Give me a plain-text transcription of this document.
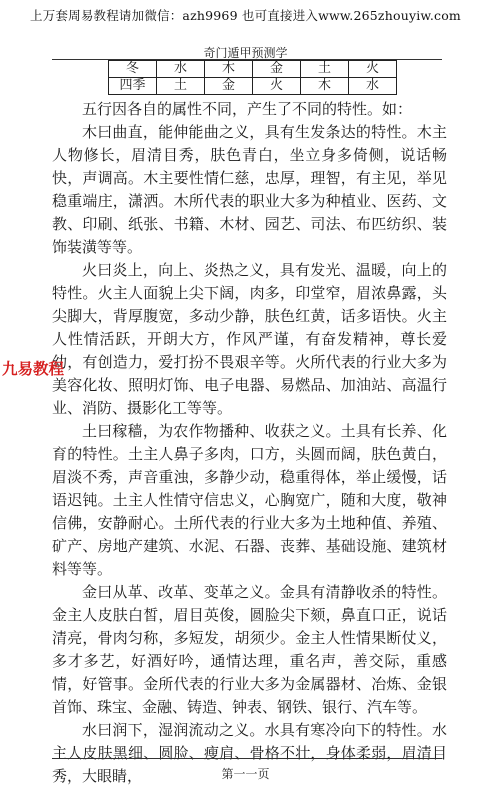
上万套周易教程请加微信：azh9969 也可直接进入www.265zhouyiw.com
奇门遁甲预测学
冬	水	木	金	土	火
四季	土	金	火	木	水

五行因各自的属性不同，产生了不同的特性。如：

木曰曲直，能伸能曲之义，具有生发条达的特性。木主人物修长，眉清目秀，肤色青白，坐立身多倚侧，说话畅快，声调高。木主要性情仁慈，忠厚，理智，有主见，举见稳重端庄，潇洒。木所代表的职业大多为种植业、医药、文教、印刷、纸张、书籍、木材、园艺、司法、布匹纺织、装饰装潢等等。

火曰炎上，向上、炎热之义，具有发光、温暖，向上的特性。火主人面貌上尖下阔，肉多，印堂窄，眉浓鼻露，头尖脚大，背厚腹宽，多动少静，肤色红黄，话多语快。火主人性情活跃，开朗大方，作风严谨，有奋发精神，尊长爱幼，有创造力，爱打扮不畏艰辛等。火所代表的行业大多为美容化妆、照明灯饰、电子电器、易燃品、加油站、高温行业、消防、摄影化工等等。

土曰稼穑，为农作物播种、收获之义。土具有长养、化育的特性。土主人鼻子多肉，口方，头圆而阔，肤色黄白，眉淡不秀，声音重浊，多静少动，稳重得体，举止缓慢，话语迟钝。土主人性情守信忠义，心胸宽广，随和大度，敬神信佛，安静耐心。土所代表的行业大多为土地种值、养殖、矿产、房地产建筑、水泥、石器、丧葬、基础设施、建筑材料等等。

金曰从革、改革、变革之义。金具有清静收杀的特性。金主人皮肤白皙，眉目英俊，圆脸尖下颏，鼻直口正，说话清亮，骨肉匀称，多短发，胡须少。金主人性情果断仗义，多才多艺，好酒好吟，通情达理，重名声，善交际，重感情，好管事。金所代表的行业大多为金属器材、冶炼、金银首饰、珠宝、金融、铸造、钟表、钢铁、银行、汽车等。

水曰润下，湿润流动之义。水具有寒冷向下的特性。水主人皮肤黑细、圆脸、瘦肩、骨格不壮，身体柔弱，眉清目秀，大眼睛，

九易教程
第一一页
